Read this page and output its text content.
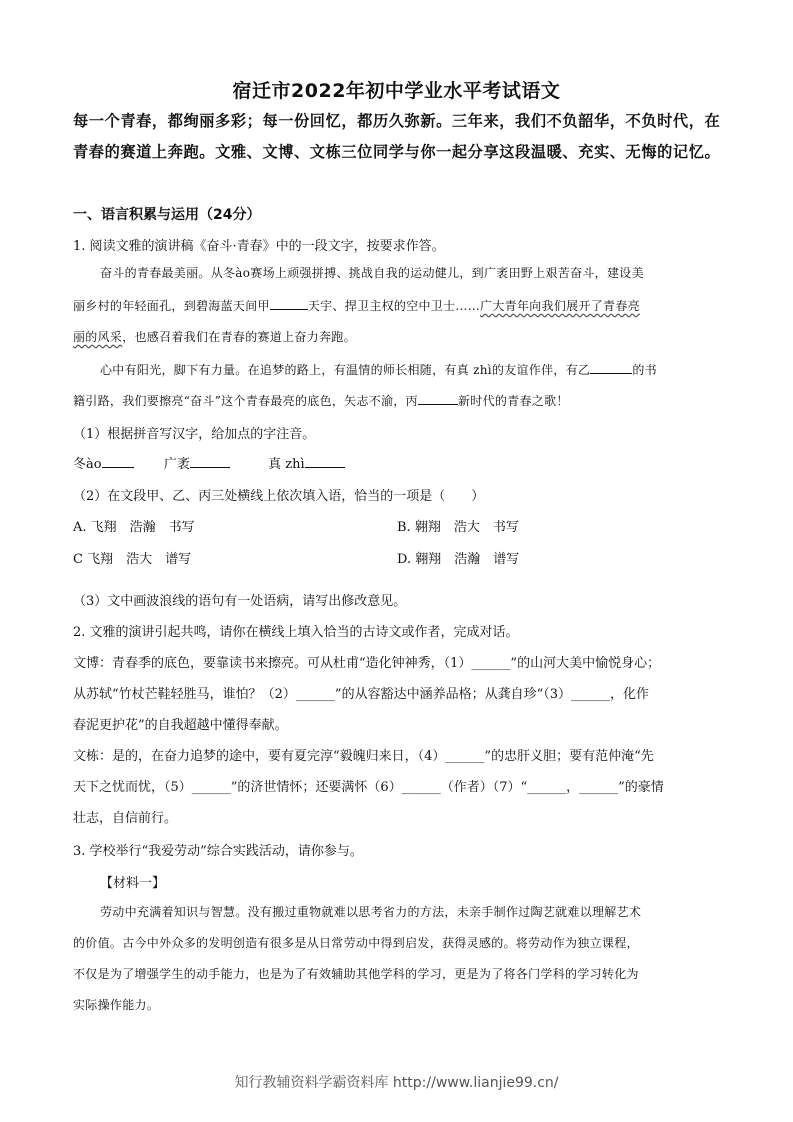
宿迁市2022年初中学业水平考试语文
每一个青春，都绚丽多彩；每一份回忆，都历久弥新。三年来，我们不负韶华，不负时代，在青春的赛道上奔跑。文雅、文博、文栋三位同学与你一起分享这段温暖、充实、无悔的记忆。
一、语言积累与运用（24分）
1. 阅读文雅的演讲稿《奋斗·青春》中的一段文字，按要求作答。
奋斗的青春最美丽。从冬ào赛场上顽强拼搏、挑战自我的运动健儿，到广袤田野上艰苦奋斗，建设美
丽乡村的年轻面孔，到碧海蓝天间甲	天宇、捍卫主权的空中卫士……广大青年向我们展开了青春亮
丽的风采，也感召着我们在青春的赛道上奋力奔跑。
心中有阳光，脚下有力量。在追梦的路上，有温情的师长相随，有真 zhì的友谊作伴，有乙	的书
籍引路，我们要擦亮“奋斗”这个青春最亮的底色，矢志不渝，丙	新时代的青春之歌！
（1）根据拼音写汉字，给加点的字注音。
冬ào	广袤	真 zhì
（2）在文段甲、乙、丙三处横线上依次填入语，恰当的一项是（　　）
A. 飞翔　浩瀚　书写	B. 翱翔　浩大　书写
C 飞翔　浩大　谱写	D. 翱翔　浩瀚　谱写
（3）文中画波浪线的语句有一处语病，请写出修改意见。
2. 文雅的演讲引起共鸣，请你在横线上填入恰当的古诗文或作者，完成对话。
文博：青春季的底色，要靠读书来擦亮。可从杜甫“造化钟神秀，（1）______”的山河大美中愉悦身心；
从苏轼“竹杖芒鞋轻胜马，谁怕？（2）______”的从容豁达中涵养品格；从龚自珍“（3）______，化作
春泥更护花”的自我超越中懂得奉献。
文栋：是的，在奋力追梦的途中，要有夏完淳“毅魄归来日，（4）______”的忠肝义胆；要有范仲淹“先
天下之忧而忧，（5）______”的济世情怀；还要满怀（6）______（作者）（7）“______，______”的豪情
壮志，自信前行。
3. 学校举行“我爱劳动”综合实践活动，请你参与。
【材料一】
劳动中充满着知识与智慧。没有搬过重物就难以思考省力的方法，未亲手制作过陶艺就难以理解艺术
的价值。古今中外众多的发明创造有很多是从日常劳动中得到启发，获得灵感的。将劳动作为独立课程，
不仅是为了增强学生的动手能力，也是为了有效辅助其他学科的学习，更是为了将各门学科的学习转化为
实际操作能力。
知行教辅资料学霸资料库 http://www.lianjie99.cn/
